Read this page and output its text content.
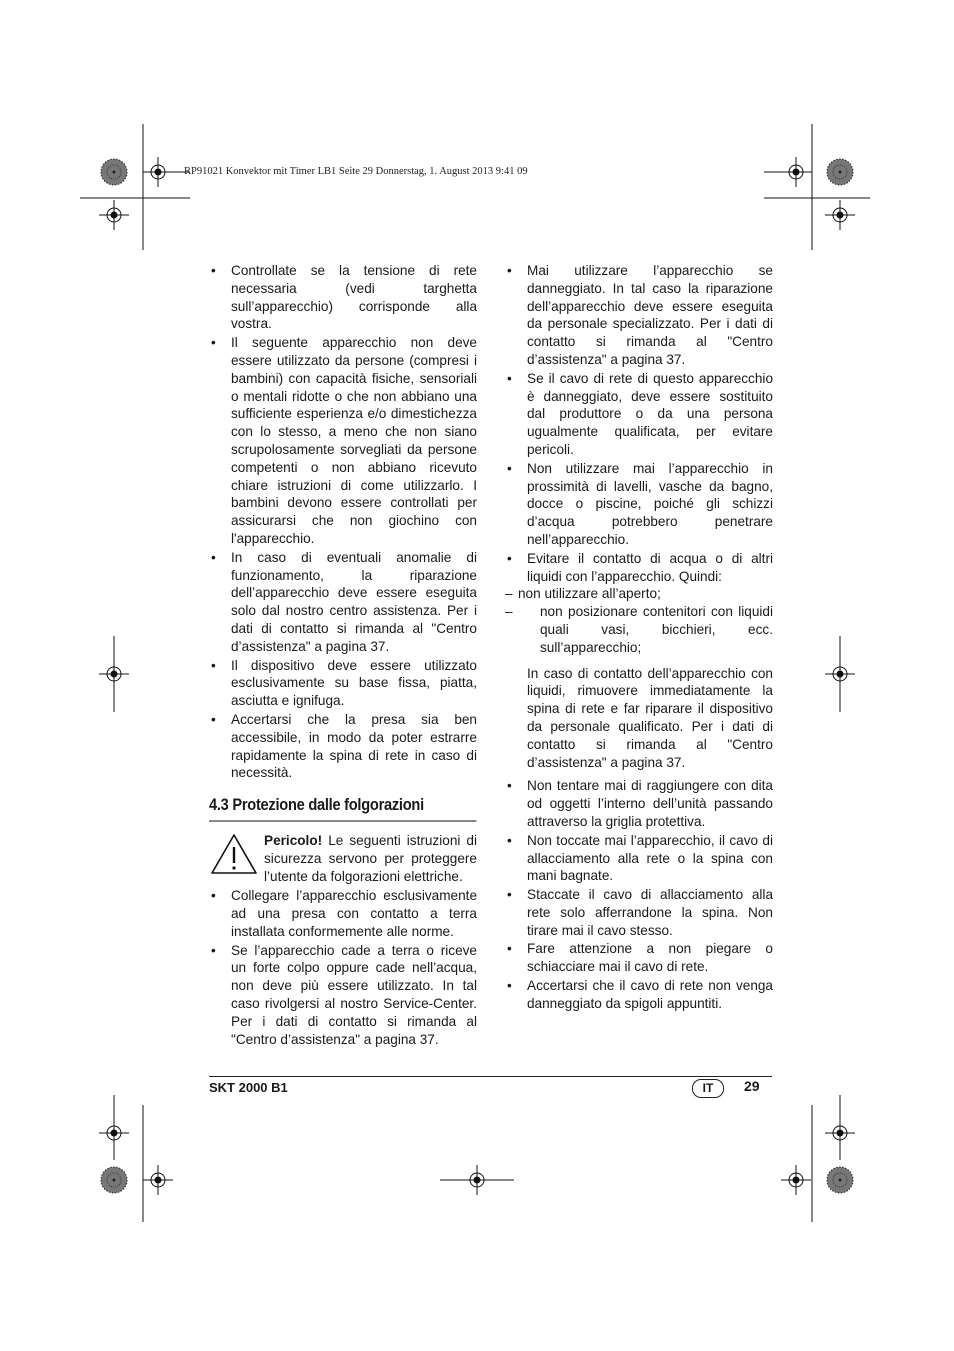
RP91021 Konvektor mit Timer LB1 Seite 29 Donnerstag, 1. August 2013 9:41 09
• Controllate se la tensione di rete necessaria (vedi targhetta sull’apparecchio) corrisponde alla vostra.
• Il seguente apparecchio non deve essere utilizzato da persone (compresi i bambini) con capacità fisiche, sensoriali o mentali ridotte o che non abbiano una sufficiente esperienza e/o dimestichezza con lo stesso, a meno che non siano scrupolosamente sorvegliati da persone competenti o non abbiano ricevuto chiare istruzioni di come utilizzarlo. I bambini devono essere controllati per assicurarsi che non giochino con l'apparecchio.
• In caso di eventuali anomalie di funzionamento, la riparazione dell’apparecchio deve essere eseguita solo dal nostro centro assistenza. Per i dati di contatto si rimanda al "Centro d’assistenza" a pagina 37.
• Il dispositivo deve essere utilizzato esclusivamente su base fissa, piatta, asciutta e ignifuga.
• Accertarsi che la presa sia ben accessibile, in modo da poter estrarre rapidamente la spina di rete in caso di necessità.
4.3 Protezione dalle folgorazioni
Pericolo! Le seguenti istruzioni di sicurezza servono per proteggere l’utente da folgorazioni elettriche.
• Collegare l’apparecchio esclusivamente ad una presa con contatto a terra installata conformemente alle norme.
• Se l’apparecchio cade a terra o riceve un forte colpo oppure cade nell’acqua, non deve più essere utilizzato. In tal caso rivolgersi al nostro Service-Center. Per i dati di contatto si rimanda al "Centro d’assistenza" a pagina 37.
• Mai utilizzare l’apparecchio se danneggiato. In tal caso la riparazione dell’apparecchio deve essere eseguita da personale specializzato. Per i dati di contatto si rimanda al "Centro d’assistenza" a pagina 37.
• Se il cavo di rete di questo apparecchio è danneggiato, deve essere sostituito dal produttore o da una persona ugualmente qualificata, per evitare pericoli.
• Non utilizzare mai l’apparecchio in prossimità di lavelli, vasche da bagno, docce o piscine, poiché gli schizzi d’acqua potrebbero penetrare nell’apparecchio.
• Evitare il contatto di acqua o di altri liquidi con l’apparecchio. Quindi:
– non utilizzare all’aperto;
– non posizionare contenitori con liquidi quali vasi, bicchieri, ecc. sull’apparecchio;
In caso di contatto dell’apparecchio con liquidi, rimuovere immediatamente la spina di rete e far riparare il dispositivo da personale qualificato. Per i dati di contatto si rimanda al "Centro d’assistenza" a pagina 37.
• Non tentare mai di raggiungere con dita od oggetti l’interno dell’unità passando attraverso la griglia protettiva.
• Non toccate mai l’apparecchio, il cavo di allacciamento alla rete o la spina con mani bagnate.
• Staccate il cavo di allacciamento alla rete solo afferrandone la spina. Non tirare mai il cavo stesso.
• Fare attenzione a non piegare o schiacciare mai il cavo di rete.
• Accertarsi che il cavo di rete non venga danneggiato da spigoli appuntiti.
SKT 2000 B1	IT	29
